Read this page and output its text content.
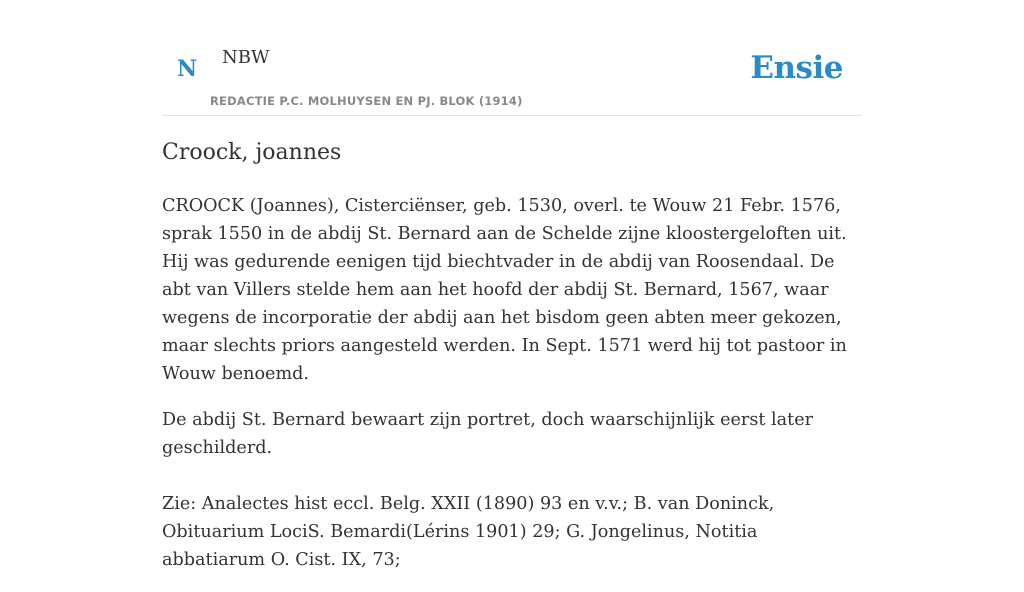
N NBW
REDACTIE P.C. MOLHUYSEN EN PJ. BLOK (1914)
Ensie
Croock, joannes

CROOCK (Joannes), Cisterciënser, geb. 1530, overl. te Wouw 21 Febr. 1576, sprak 1550 in de abdij St. Bernard aan de Schelde zijne kloostergeloften uit. Hij was gedurende eenigen tijd biechtvader in de abdij van Roosendaal. De abt van Villers stelde hem aan het hoofd der abdij St. Bernard, 1567, waar wegens de incorporatie der abdij aan het bisdom geen abten meer gekozen, maar slechts priors aangesteld werden. In Sept. 1571 werd hij tot pastoor in Wouw benoemd.

De abdij St. Bernard bewaart zijn portret, doch waarschijnlijk eerst later geschilderd.

Zie: Analectes hist eccl. Belg. XXII (1890) 93 en v.v.; B. van Doninck, Obituarium LociS. Bemardi(Lérins 1901) 29; G. Jongelinus, Notitia abbatiarum O. Cist. IX, 73;
